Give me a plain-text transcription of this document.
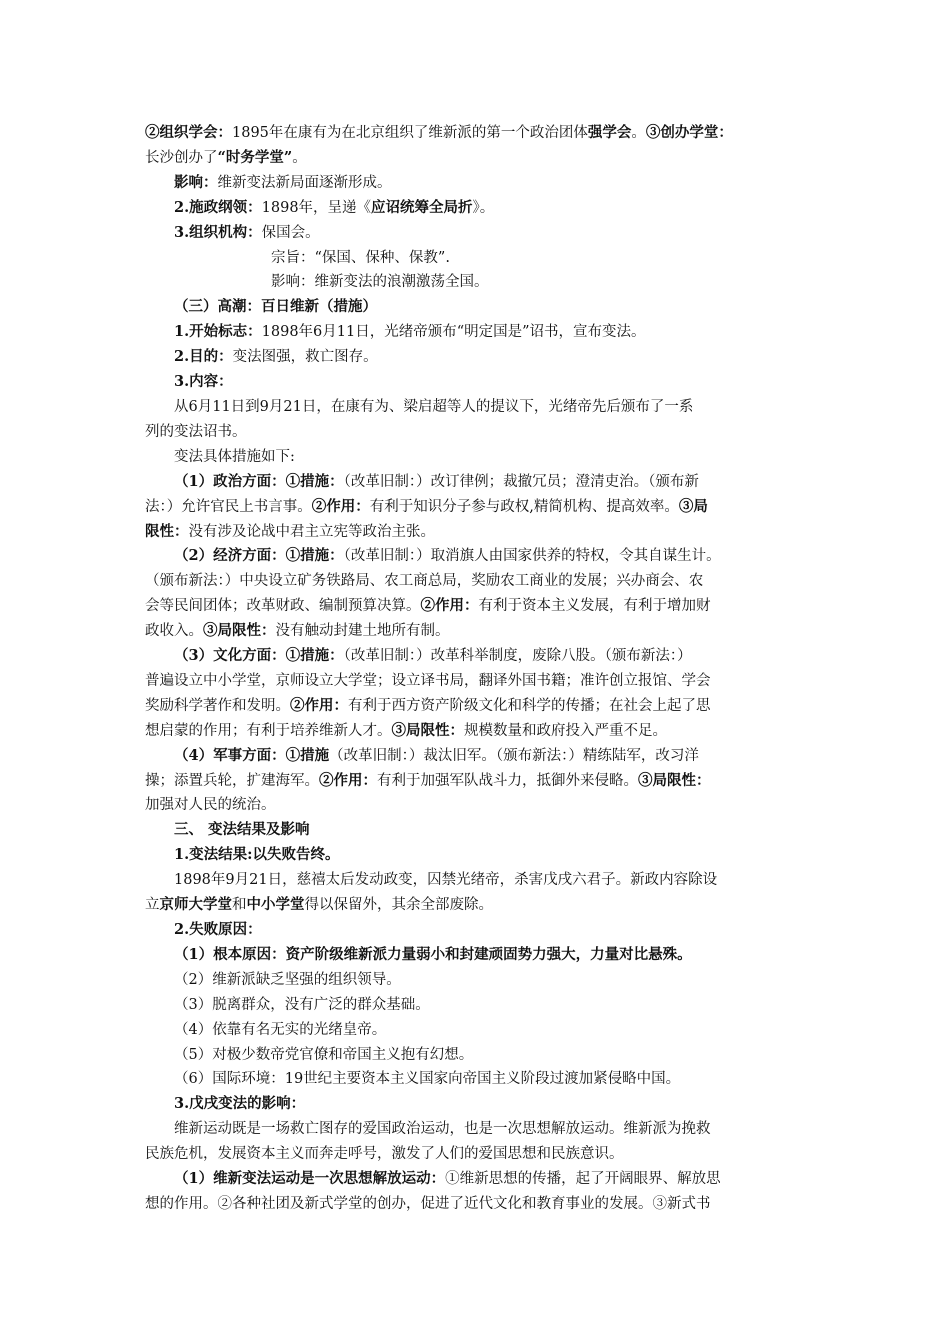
②组织学会：1895年在康有为在北京组织了维新派的第一个政治团体强学会。③创办学堂：

长沙创办了“时务学堂”。

影响：维新变法新局面逐渐形成。

2.施政纲领：1898年，呈递《应诏统筹全局折》。

3.组织机构：保国会。

宗旨：“保国、保种、保教”.

影响：维新变法的浪潮激荡全国。

（三）高潮：百日维新（措施）

1.开始标志：1898年6月11日，光绪帝颁布“明定国是”诏书，宣布变法。

2.目的：变法图强，救亡图存。

3.内容：

从6月11日到9月21日，在康有为、梁启超等人的提议下，光绪帝先后颁布了一系

列的变法诏书。

变法具体措施如下:

（1）政治方面：①措施：（改革旧制：）改订律例；裁撤冗员；澄清吏治。（颁布新

法：）允许官民上书言事。②作用：有利于知识分子参与政权,精简机构、提高效率。③局

限性：没有涉及论战中君主立宪等政治主张。

（2）经济方面：①措施：（改革旧制：）取消旗人由国家供养的特权，令其自谋生计。

（颁布新法：）中央设立矿务铁路局、农工商总局，奖励农工商业的发展；兴办商会、农

会等民间团体；改革财政、编制预算决算。②作用：有利于资本主义发展，有利于增加财

政收入。③局限性：没有触动封建土地所有制。

（3）文化方面：①措施：（改革旧制：）改革科举制度，废除八股。（颁布新法：）

普遍设立中小学堂，京师设立大学堂；设立译书局，翻译外国书籍；准许创立报馆、学会

奖励科学著作和发明。②作用：有利于西方资产阶级文化和科学的传播；在社会上起了思

想启蒙的作用；有利于培养维新人才。③局限性：规模数量和政府投入严重不足。

（4）军事方面：①措施（改革旧制：）裁汰旧军。（颁布新法：）精练陆军，改习洋

操；添置兵轮，扩建海军。②作用：有利于加强军队战斗力，抵御外来侵略。③局限性：

加强对人民的统治。

三、 变法结果及影响

1.变法结果:以失败告终。

1898年9月21日，慈禧太后发动政变，囚禁光绪帝，杀害戊戌六君子。新政内容除设

立京师大学堂和中小学堂得以保留外，其余全部废除。

2.失败原因：

（1）根本原因：资产阶级维新派力量弱小和封建顽固势力强大，力量对比悬殊。

（2）维新派缺乏坚强的组织领导。

（3）脱离群众，没有广泛的群众基础。

（4）依靠有名无实的光绪皇帝。

（5）对极少数帝党官僚和帝国主义抱有幻想。

（6）国际环境：19世纪主要资本主义国家向帝国主义阶段过渡加紧侵略中国。

3.戊戌变法的影响：

维新运动既是一场救亡图存的爱国政治运动，也是一次思想解放运动。维新派为挽救

民族危机，发展资本主义而奔走呼号，激发了人们的爱国思想和民族意识。

（1）维新变法运动是一次思想解放运动：①维新思想的传播，起了开阔眼界、解放思

想的作用。②各种社团及新式学堂的创办，促进了近代文化和教育事业的发展。③新式书
